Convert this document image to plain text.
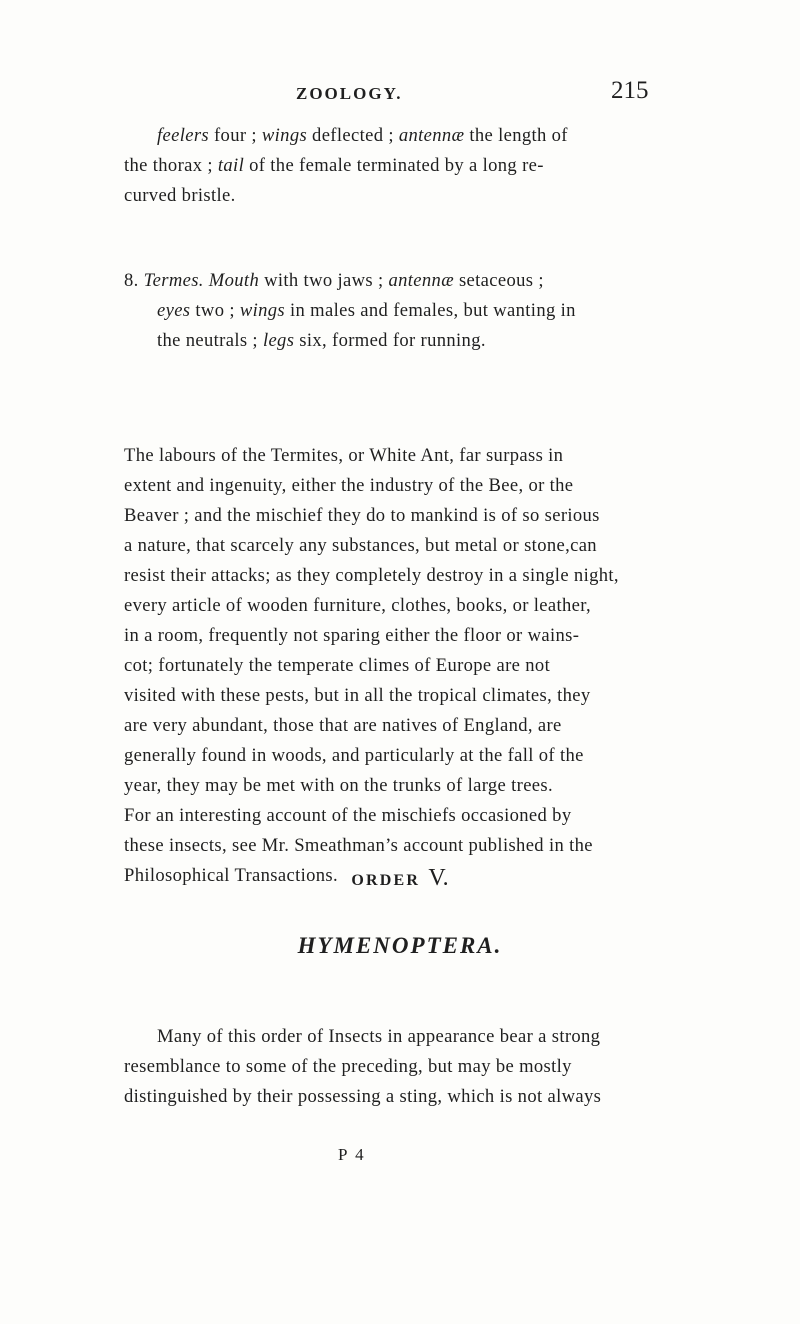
ZOOLOGY.	215
feelers four ; wings deflected ; antennæ the length of
the thorax ; tail of the female terminated by a long re-
curved bristle.
8. Termes. Mouth with two jaws ; antennæ setaceous ;
eyes two ; wings in males and females, but wanting in
the neutrals ; legs six, formed for running.
The labours of the Termites, or White Ant, far surpass in
extent and ingenuity, either the industry of the Bee, or the
Beaver ; and the mischief they do to mankind is of so serious
a nature, that scarcely any substances, but metal or stone,can
resist their attacks; as they completely destroy in a single night,
every article of wooden furniture, clothes, books, or leather,
in a room, frequently not sparing either the floor or wains-
cot; fortunately the temperate climes of Europe are not
visited with these pests, but in all the tropical climates, they
are very abundant, those that are natives of England, are
generally found in woods, and particularly at the fall of the
year, they may be met with on the trunks of large trees.
For an interesting account of the mischiefs occasioned by
these insects, see Mr. Smeathman’s account published in the
Philosophical Transactions. ORDER V.
HYMENOPTERA.
Many of this order of Insects in appearance bear a strong
resemblance to some of the preceding, but may be mostly
distinguished by their possessing a sting, which is not always
P 4
